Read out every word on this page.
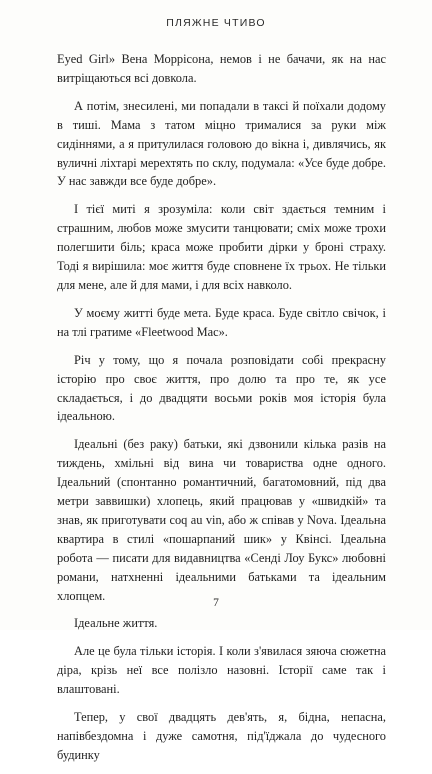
ПЛЯЖНЕ ЧТИВО

Eyed Girl» Вена Моррісона, немов і не бачачи, як на нас витріщаються всі довкола.

А потім, знесилені, ми попадали в таксі й поїхали додому в тиші. Мама з татом міцно трималися за руки між сидіннями, а я притулилася головою до вікна і, дивлячись, як вуличні ліхтарі мерехтять по склу, подумала: «Усе буде добре. У нас завжди все буде добре».

І тієї миті я зрозуміла: коли світ здається темним і страшним, любов може змусити танцювати; сміх може трохи полегшити біль; краса може пробити дірки у броні страху. Тоді я вирішила: моє життя буде сповнене їх трьох. Не тільки для мене, але й для мами, і для всіх навколо.

У моєму житті буде мета. Буде краса. Буде світло свічок, і на тлі гратиме «Fleetwood Mac».

Річ у тому, що я почала розповідати собі прекрасну історію про своє життя, про долю та про те, як усе складається, і до двадцяти восьми років моя історія була ідеальною.

Ідеальні (без раку) батьки, які дзвонили кілька разів на тиждень, хмільні від вина чи товариства одне одного. Ідеальний (спонтанно романтичний, багатомовний, під два метри заввишки) хлопець, який працював у «швидкій» та знав, як приготувати coq au vin, або ж співав у Nova. Ідеальна квартира в стилі «пошарпаний шик» у Квінсі. Ідеальна робота — писати для видавництва «Сенді Лоу Букс» любовні романи, натхненні ідеальними батьками та ідеальним хлопцем.

Ідеальне життя.

Але це була тільки історія. І коли з'явилася зяюча сюжетна діра, крізь неї все полізло назовні. Історії саме так і влаштовані.

Тепер, у свої двадцять дев'ять, я, бідна, непасна, напівбездомна і дуже самотня, під'їджала до чудесного будинку

7
